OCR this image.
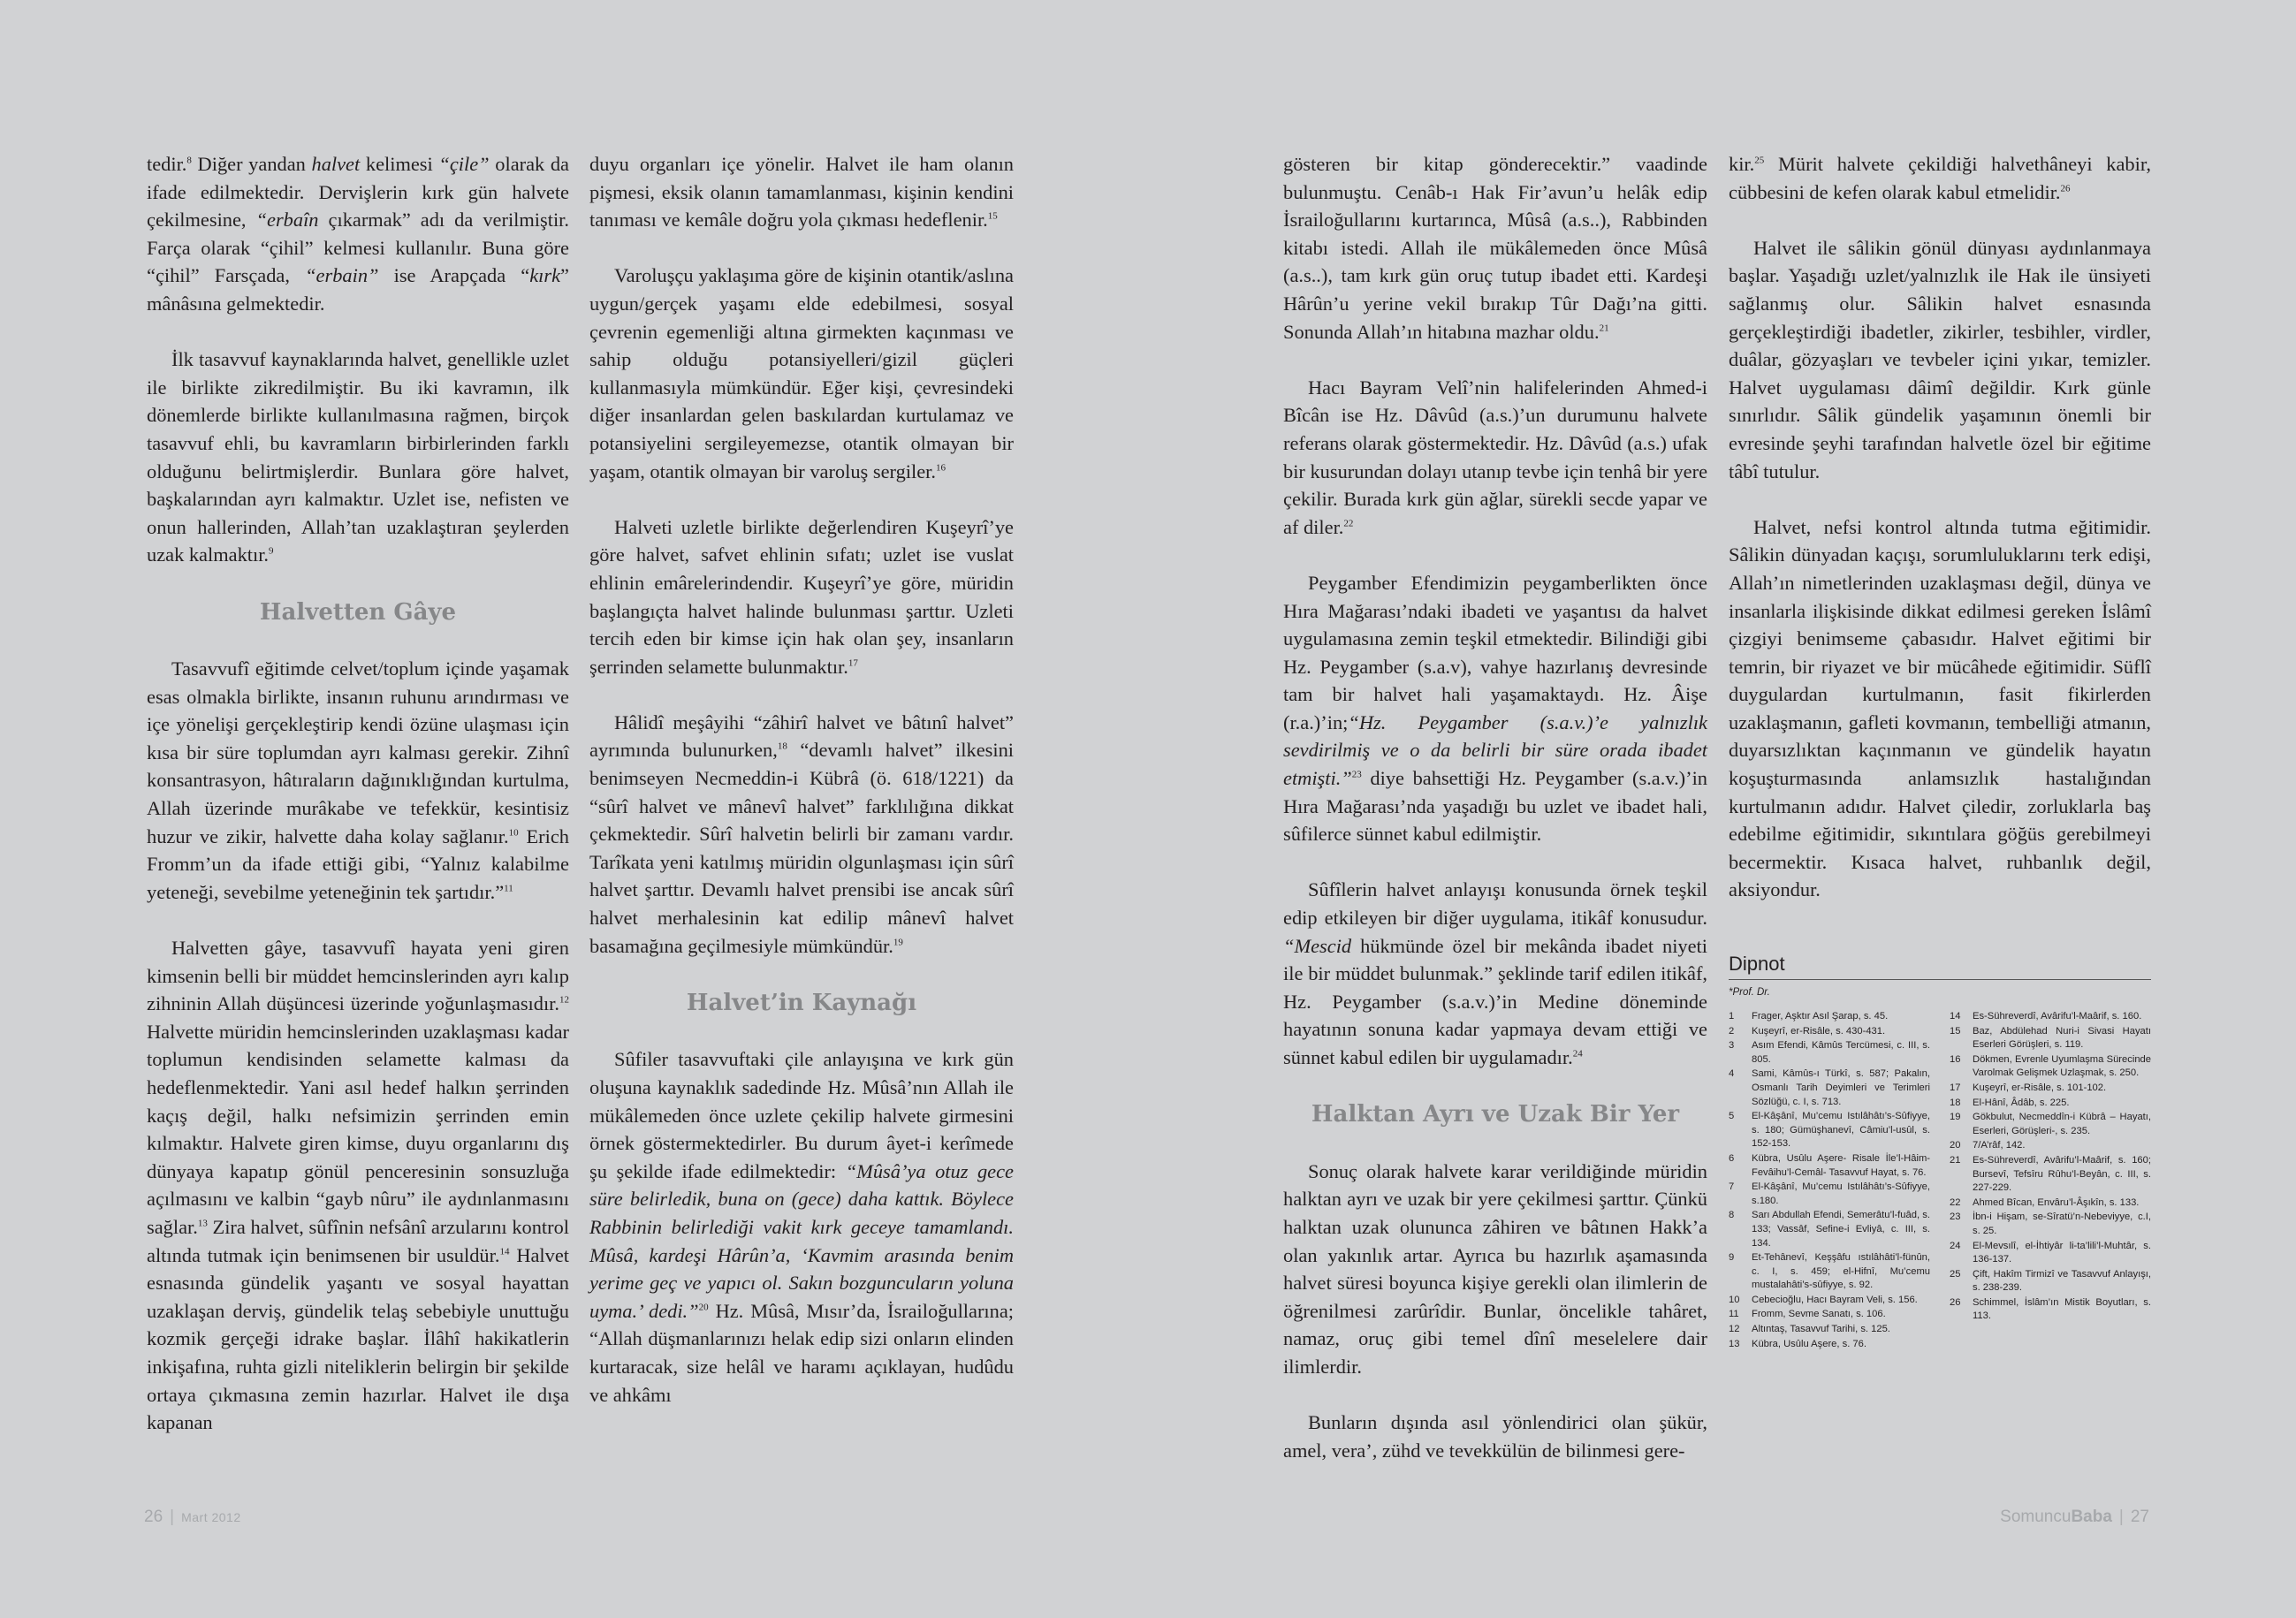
tedir.$^8$ Diğer yandan halvet kelimesi “çile” olarak da ifade edilmektedir. Dervişlerin kırk gün halvete çekilmesine, “erbaîn çıkarmak” adı da verilmiştir. Farça olarak “çihil” kelmesi kullanılır. Buna göre “çihil” Farsçada, “erbain” ise Arapçada “kırk” mânâsına gelmektedir.

İlk tasavvuf kaynaklarında halvet, genellikle uzlet ile birlikte zikredilmiştir. Bu iki kavramın, ilk dönemlerde birlikte kullanılmasına rağmen, birçok tasavvuf ehli, bu kavramların birbirlerinden farklı olduğunu belirtmişlerdir. Bunlara göre halvet, başkalarından ayrı kalmaktır. Uzlet ise, nefisten ve onun hallerinden, Allah’tan uzaklaştıran şeylerden uzak kalmaktır.$^9$

Halvetten Gâye

Tasavvufî eğitimde celvet/toplum içinde yaşamak esas olmakla birlikte, insanın ruhunu arındırması ve içe yönelişi gerçekleştirip kendi özüne ulaşması için kısa bir süre toplumdan ayrı kalması gerekir. Zihnî konsantrasyon, hâtıraların dağınıklığından kurtulma, Allah üzerinde murâkabe ve tefekkür, kesintisiz huzur ve zikir, halvette daha kolay sağlanır.$^{10}$ Erich Fromm’un da ifade ettiği gibi, “Yalnız kalabilme yeteneği, sevebilme yeteneğinin tek şartıdır.”$^{11}$

Halvetten gâye, tasavvufî hayata yeni giren kimsenin belli bir müddet hemcinslerinden ayrı kalıp zihninin Allah düşüncesi üzerinde yoğunlaşmasıdır.$^{12}$ Halvette müridin hemcinslerinden uzaklaşması kadar toplumun kendisinden selamette kalması da hedeflenmektedir. Yani asıl hedef halkın şerrinden kaçış değil, halkı nefsimizin şerrinden emin kılmaktır. Halvete giren kimse, duyu organlarını dış dünyaya kapatıp gönül penceresinin sonsuzluğa açılmasını ve kalbin “gayb nûru” ile aydınlanmasını sağlar.$^{13}$ Zira halvet, sûfînin nefsânî arzularını kontrol altında tutmak için benimsenen bir usuldür.$^{14}$ Halvet esnasında gündelik yaşantı ve sosyal hayattan uzaklaşan derviş, gündelik telaş sebebiyle unuttuğu kozmik gerçeği idrake başlar. İlâhî hakikatlerin inkişafına, ruhta gizli niteliklerin belirgin bir şekilde ortaya çıkmasına zemin hazırlar. Halvet ile dışa kapanan

duyu organları içe yönelir. Halvet ile ham olanın pişmesi, eksik olanın tamamlanması, kişinin kendini tanıması ve kemâle doğru yola çıkması hedeflenir.$^{15}$

Varoluşçu yaklaşıma göre de kişinin otantik/aslına uygun/gerçek yaşamı elde edebilmesi, sosyal çevrenin egemenliği altına girmekten kaçınması ve sahip olduğu potansiyelleri/gizil güçleri kullanmasıyla mümkündür. Eğer kişi, çevresindeki diğer insanlardan gelen baskılardan kurtulamaz ve potansiyelini sergileyemezse, otantik olmayan bir yaşam, otantik olmayan bir varoluş sergiler.$^{16}$

Halveti uzletle birlikte değerlendiren Kuşeyrî’ye göre halvet, safvet ehlinin sıfatı; uzlet ise vuslat ehlinin emârelerindendir. Kuşeyrî’ye göre, müridin başlangıçta halvet halinde bulunması şarttır. Uzleti tercih eden bir kimse için hak olan şey, insanların şerrinden selamette bulunmaktır.$^{17}$

Hâlidî meşâyihi “zâhirî halvet ve bâtınî halvet” ayrımında bulunurken,$^{18}$ “devamlı halvet” ilkesini benimseyen Necmeddin-i Kübrâ (ö. 618/1221) da “sûrî halvet ve mânevî halvet” farklılığına dikkat çekmektedir. Sûrî halvetin belirli bir zamanı vardır. Tarîkata yeni katılmış müridin olgunlaşması için sûrî halvet şarttır. Devamlı halvet prensibi ise ancak sûrî halvet merhalesinin kat edilip mânevî halvet basamağına geçilmesiyle mümkündür.$^{19}$

Halvet’in Kaynağı

Sûfiler tasavvuftaki çile anlayışına ve kırk gün oluşuna kaynaklık sadedinde Hz. Mûsâ’nın Allah ile mükâlemeden önce uzlete çekilip halvete girmesini örnek göstermektedirler. Bu durum âyet-i kerîmede şu şekilde ifade edilmektedir: “Mûsâ’ya otuz gece süre belirledik, buna on (gece) daha kattık. Böylece Rabbinin belirlediği vakit kırk geceye tamamlandı. Mûsâ, kardeşi Hârûn’a, ‘Kavmim arasında benim yerime geç ve yapıcı ol. Sakın bozguncuların yoluna uyma.’ dedi.”$^{20}$ Hz. Mûsâ, Mısır’da, İsrailoğullarına; “Allah düşmanlarınızı helak edip sizi onların elinden kurtaracak, size helâl ve haramı açıklayan, hudûdu ve ahkâmı

gösteren bir kitap gönderecektir.” vaadinde bulunmuştu. Cenâb-ı Hak Fir’avun’u helâk edip İsrailoğullarını kurtarınca, Mûsâ (a.s..), Rabbinden kitabı istedi. Allah ile mükâlemeden önce Mûsâ (a.s..), tam kırk gün oruç tutup ibadet etti. Kardeşi Hârûn’u yerine vekil bırakıp Tûr Dağı’na gitti. Sonunda Allah’ın hitabına mazhar oldu.$^{21}$

Hacı Bayram Velî’nin halifelerinden Ahmed-i Bîcân ise Hz. Dâvûd (a.s.)’un durumunu halvete referans olarak göstermektedir. Hz. Dâvûd (a.s.) ufak bir kusurundan dolayı utanıp tevbe için tenhâ bir yere çekilir. Burada kırk gün ağlar, sürekli secde yapar ve af diler.$^{22}$

Peygamber Efendimizin peygamberlikten önce Hıra Mağarası’ndaki ibadeti ve yaşantısı da halvet uygulamasına zemin teşkil etmektedir. Bilindiği gibi Hz. Peygamber (s.a.v), vahye hazırlanış devresinde tam bir halvet hali yaşamaktaydı. Hz. Âişe (r.a.)’in;“Hz. Peygamber (s.a.v.)’e yalnızlık sevdirilmiş ve o da belirli bir süre orada ibadet etmişti.”$^{23}$ diye bahsettiği Hz. Peygamber (s.a.v.)’in Hıra Mağarası’nda yaşadığı bu uzlet ve ibadet hali, sûfilerce sünnet kabul edilmiştir.

Sûfîlerin halvet anlayışı konusunda örnek teşkil edip etkileyen bir diğer uygulama, itikâf konusudur. “Mescid hükmünde özel bir mekânda ibadet niyeti ile bir müddet bulunmak.” şeklinde tarif edilen itikâf, Hz. Peygamber (s.a.v.)’in Medine döneminde hayatının sonuna kadar yapmaya devam ettiği ve sünnet kabul edilen bir uygulamadır.$^{24}$

Halktan Ayrı ve Uzak Bir Yer

Sonuç olarak halvete karar verildiğinde müridin halktan ayrı ve uzak bir yere çekilmesi şarttır. Çünkü halktan uzak olununca zâhiren ve bâtınen Hakk’a olan yakınlık artar. Ayrıca bu hazırlık aşamasında halvet süresi boyunca kişiye gerekli olan ilimlerin de öğrenilmesi zarûrîdir. Bunlar, öncelikle tahâret, namaz, oruç gibi temel dînî meselelere dair ilimlerdir.

Bunların dışında asıl yönlendirici olan şükür, amel, vera’, zühd ve tevekkülün de bilinmesi gere-

kir.$^{25}$ Mürit halvete çekildiği halvethâneyi kabir, cübbesini de kefen olarak kabul etmelidir.$^{26}$

Halvet ile sâlikin gönül dünyası aydınlanmaya başlar. Yaşadığı uzlet/yalnızlık ile Hak ile ünsiyeti sağlanmış olur. Sâlikin halvet esnasında gerçekleştirdiği ibadetler, zikirler, tesbihler, virdler, duâlar, gözyaşları ve tevbeler içini yıkar, temizler. Halvet uygulaması dâimî değildir. Kırk günle sınırlıdır. Sâlik gündelik yaşamının önemli bir evresinde şeyhi tarafından halvetle özel bir eğitime tâbî tutulur.

Halvet, nefsi kontrol altında tutma eğitimidir. Sâlikin dünyadan kaçışı, sorumluluklarını terk edişi, Allah’ın nimetlerinden uzaklaşması değil, dünya ve insanlarla ilişkisinde dikkat edilmesi gereken İslâmî çizgiyi benimseme çabasıdır. Halvet eğitimi bir temrin, bir riyazet ve bir mücâhede eğitimidir. Süflî duygulardan kurtulmanın, fasit fikirlerden uzaklaşmanın, gafleti kovmanın, tembelliği atmanın, duyarsızlıktan kaçınmanın ve gündelik hayatın koşuşturmasında anlamsızlık hastalığından kurtulmanın adıdır. Halvet çiledir, zorluklarla baş edebilme eğitimidir, sıkıntılara göğüs gerebilmeyi becermektir. Kısaca halvet, ruhbanlık değil, aksiyondur.

Dipnot
*Prof. Dr.
1	Frager, Aşktır Asıl Şarap, s. 45.
2	Kuşeyrî, er-Risâle, s. 430-431.
3	Asım Efendi, Kâmûs Tercümesi, c. III, s. 805.
4	Sami, Kâmûs-ı Türkî, s. 587; Pakalın, Osmanlı Tarih Deyimleri ve Terimleri Sözlüğü, c. I, s. 713.
5	El-Kâşânî, Mu’cemu Istılâhâtı’s-Sûfiyye, s. 180; Gümüşhanevî, Câmiu’l-usûl, s. 152-153.
6	Kübra, Usûlu Aşere- Risale İle’l-Hâim-Fevâihu’l-Cemâl- Tasavvuf Hayat, s. 76.
7	El-Kâşânî, Mu’cemu Istılâhâtı’s-Sûfiyye, s.180.
8	Sarı Abdullah Efendi, Semerâtu’l-fuâd, s. 133; Vassâf, Sefine-i Evliyâ, c. III, s. 134.
9	Et-Tehânevî, Keşşâfu ıstılâhâti’l-fünûn, c. I, s. 459; el-Hifnî, Mu’cemu mustalahâti’s-sûfiyye, s. 92.
10	Cebecioğlu, Hacı Bayram Veli, s. 156.
11	Fromm, Sevme Sanatı, s. 106.
12	Altıntaş, Tasavvuf Tarihi, s. 125.
13	Kübra, Usûlu Aşere, s. 76.
14	Es-Sühreverdî, Avârifu’l-Maârif, s. 160.
15	Baz, Abdülehad Nuri-i Sivasi Hayatı Eserleri Görüşleri, s. 119.
16	Dökmen, Evrenle Uyumlaşma Sürecinde Varolmak Gelişmek Uzlaşmak, s. 250.
17	Kuşeyrî, er-Risâle, s. 101-102.
18	El-Hânî, Âdâb, s. 225.
19	Gökbulut, Necmeddîn-i Kübrâ – Hayatı, Eserleri, Görüşleri-, s. 235.
20	7/A’râf, 142.
21	Es-Sühreverdî, Avârifu’l-Maârif, s. 160; Bursevî, Tefsîru Rûhu’l-Beyân, c. III, s. 227-229.
22	Ahmed Bîcan, Envâru’l-Âşıkîn, s. 133.
23	İbn-i Hişam, se-Sîratü’n-Nebeviyye, c.I, s. 25.
24	El-Mevsılî, el-İhtiyâr li-ta’lili’l-Muhtâr, s. 136-137.
25	Çift, Hakîm Tirmizî ve Tasavvuf Anlayışı, s. 238-239.
26	Schimmel, İslâm’ın Mistik Boyutları, s. 113.
26 | Mart 2012	SomuncuBaba | 27
